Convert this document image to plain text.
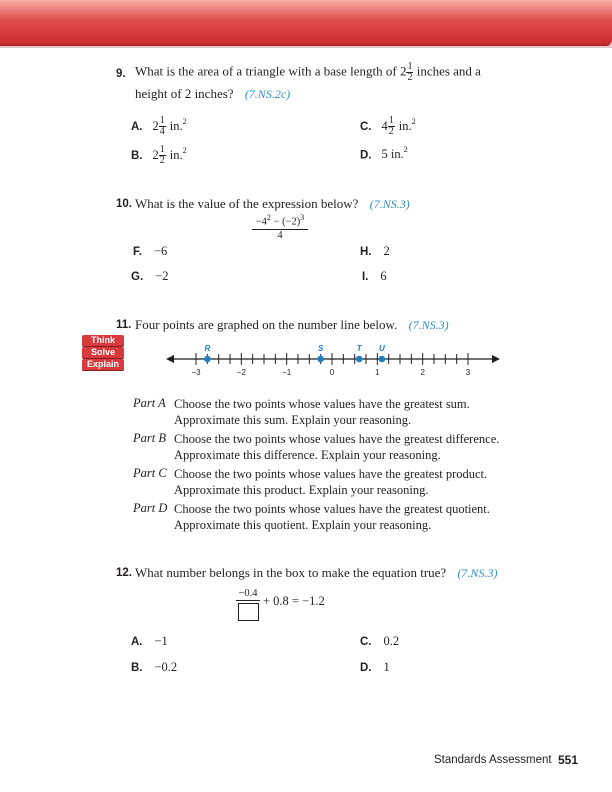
9. What is the area of a triangle with a base length of $2 \frac{1}{2}$ inches and a
height of 2 inches? (7.NS.2c)
A. $2 \frac{1}{4} in.^2$
B. $2 \frac{1}{2} in.^2$
C. $4 \frac{1}{2} in.^2$
D. 5 in.$^2$
10. What is the value of the expression below? (7.NS.3)
$\frac{-4^2 - (-2)^3}{4}$
F. −6
G. −2
H. 2
I. 6
11. Four points are graphed on the number line below. (7.NS.3)
Think
Solve
Explain
−3	−2	−1	0	1	2	3
R	S	T U
Part A Choose the two points whose values have the greatest sum. Approximate this sum. Explain your reasoning.
Part B Choose the two points whose values have the greatest difference. Approximate this difference. Explain your reasoning.
Part C Choose the two points whose values have the greatest product. Approximate this product. Explain your reasoning.
Part D Choose the two points whose values have the greatest quotient. Approximate this quotient. Explain your reasoning.
12. What number belongs in the box to make the equation true? (7.NS.3)
−0.4
+ 0.8 = −1.2
A. −1
B. −0.2
C. 0.2
D. 1
Standards Assessment 551
